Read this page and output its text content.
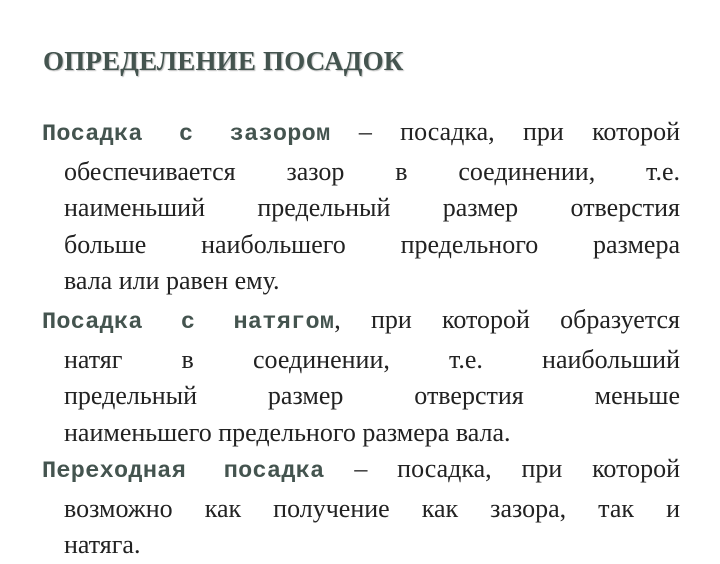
ОПРЕДЕЛЕНИЕ ПОСАДОК
Посадка с зазором – посадка, при которой
обеспечивается зазор в соединении, т.е.
наименьший предельный размер отверстия
больше наибольшего предельного размера
вала или равен ему.
Посадка с натягом, при которой образуется
натяг в соединении, т.е. наибольший
предельный размер отверстия меньше
наименьшего предельного размера вала.
Переходная посадка – посадка, при которой
возможно как получение как зазора, так и
натяга.
